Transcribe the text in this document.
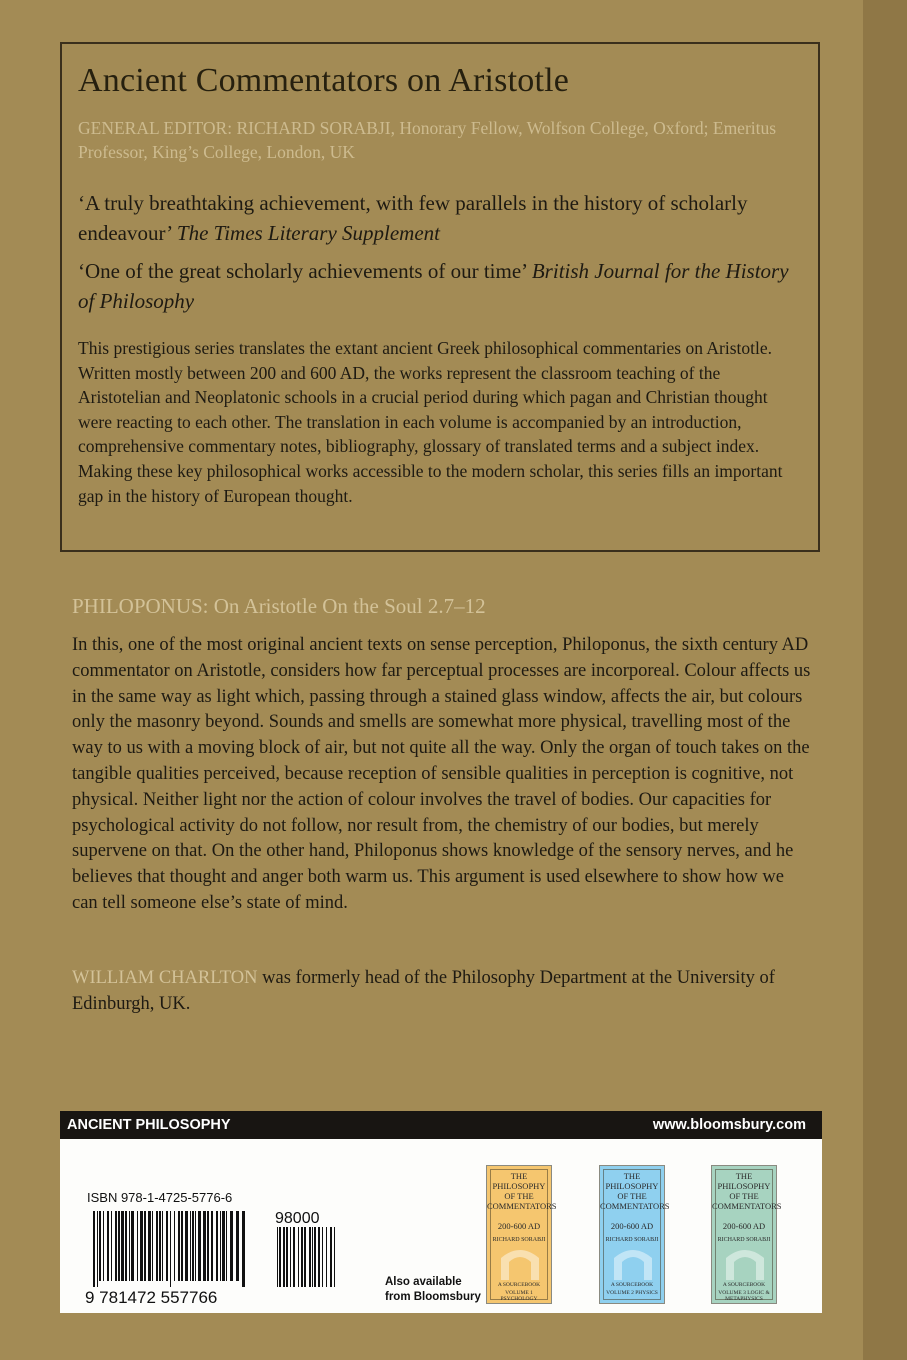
Ancient Commentators on Aristotle
GENERAL EDITOR: RICHARD SORABJI, Honorary Fellow, Wolfson College, Oxford; Emeritus Professor, King’s College, London, UK
‘A truly breathtaking achievement, with few parallels in the history of scholarly endeavour’ The Times Literary Supplement
‘One of the great scholarly achievements of our time’ British Journal for the History of Philosophy
This prestigious series translates the extant ancient Greek philosophical commentaries on Aristotle. Written mostly between 200 and 600 AD, the works represent the classroom teaching of the Aristotelian and Neoplatonic schools in a crucial period during which pagan and Christian thought were reacting to each other. The translation in each volume is accompanied by an introduction, comprehensive commentary notes, bibliography, glossary of translated terms and a subject index. Making these key philosophical works accessible to the modern scholar, this series fills an important gap in the history of European thought.
PHILOPONUS: On Aristotle On the Soul 2.7–12
In this, one of the most original ancient texts on sense perception, Philoponus, the sixth century AD commentator on Aristotle, considers how far perceptual processes are incorporeal. Colour affects us in the same way as light which, passing through a stained glass window, affects the air, but colours only the masonry beyond. Sounds and smells are somewhat more physical, travelling most of the way to us with a moving block of air, but not quite all the way. Only the organ of touch takes on the tangible qualities perceived, because reception of sensible qualities in perception is cognitive, not physical. Neither light nor the action of colour involves the travel of bodies. Our capacities for psychological activity do not follow, nor result from, the chemistry of our bodies, but merely supervene on that. On the other hand, Philoponus shows knowledge of the sensory nerves, and he believes that thought and anger both warm us. This argument is used elsewhere to show how we can tell someone else’s state of mind.
WILLIAM CHARLTON was formerly head of the Philosophy Department at the University of Edinburgh, UK.
ANCIENT PHILOSOPHY	www.bloomsbury.com
ISBN 978-1-4725-5776-6
9 781472 557766
98000
Also available
from Bloomsbury
THE PHILOSOPHY OF THE COMMENTATORS
200-600 AD
RICHARD SORABJI
A SOURCEBOOK
VOLUME 1 PSYCHOLOGY
THE PHILOSOPHY OF THE COMMENTATORS
200-600 AD
RICHARD SORABJI
A SOURCEBOOK
VOLUME 2 PHYSICS
THE PHILOSOPHY OF THE COMMENTATORS
200-600 AD
RICHARD SORABJI
A SOURCEBOOK
VOLUME 3 LOGIC & METAPHYSICS
